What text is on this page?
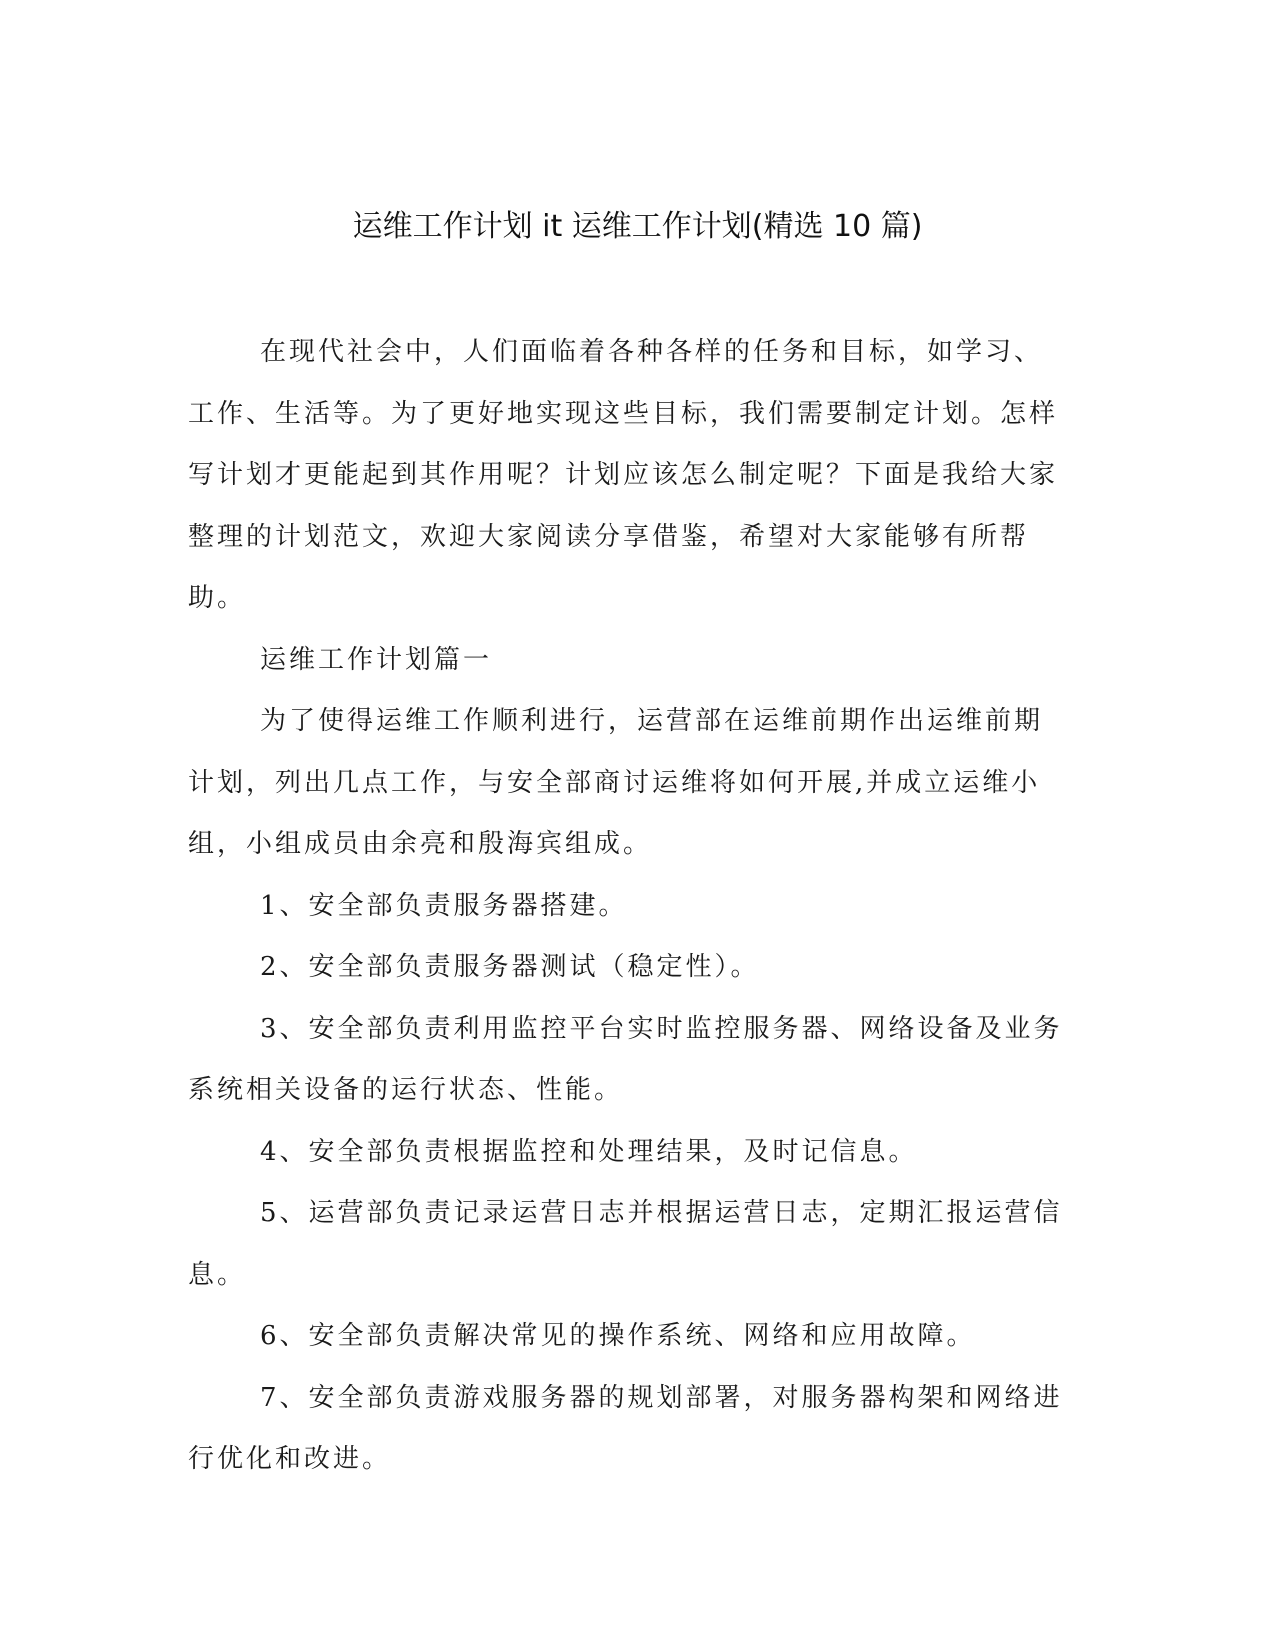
运维工作计划 it 运维工作计划(精选 10 篇)

在现代社会中，人们面临着各种各样的任务和目标，如学习、工作、生活等。为了更好地实现这些目标，我们需要制定计划。怎样写计划才更能起到其作用呢？计划应该怎么制定呢？下面是我给大家整理的计划范文，欢迎大家阅读分享借鉴，希望对大家能够有所帮助。

运维工作计划篇一

为了使得运维工作顺利进行，运营部在运维前期作出运维前期计划，列出几点工作，与安全部商讨运维将如何开展,并成立运维小组，小组成员由余亮和殷海宾组成。

1、安全部负责服务器搭建。

2、安全部负责服务器测试（稳定性）。

3、安全部负责利用监控平台实时监控服务器、网络设备及业务系统相关设备的运行状态、性能。

4、安全部负责根据监控和处理结果，及时记信息。

5、运营部负责记录运营日志并根据运营日志，定期汇报运营信息。

6、安全部负责解决常见的操作系统、网络和应用故障。

7、安全部负责游戏服务器的规划部署，对服务器构架和网络进行优化和改进。
